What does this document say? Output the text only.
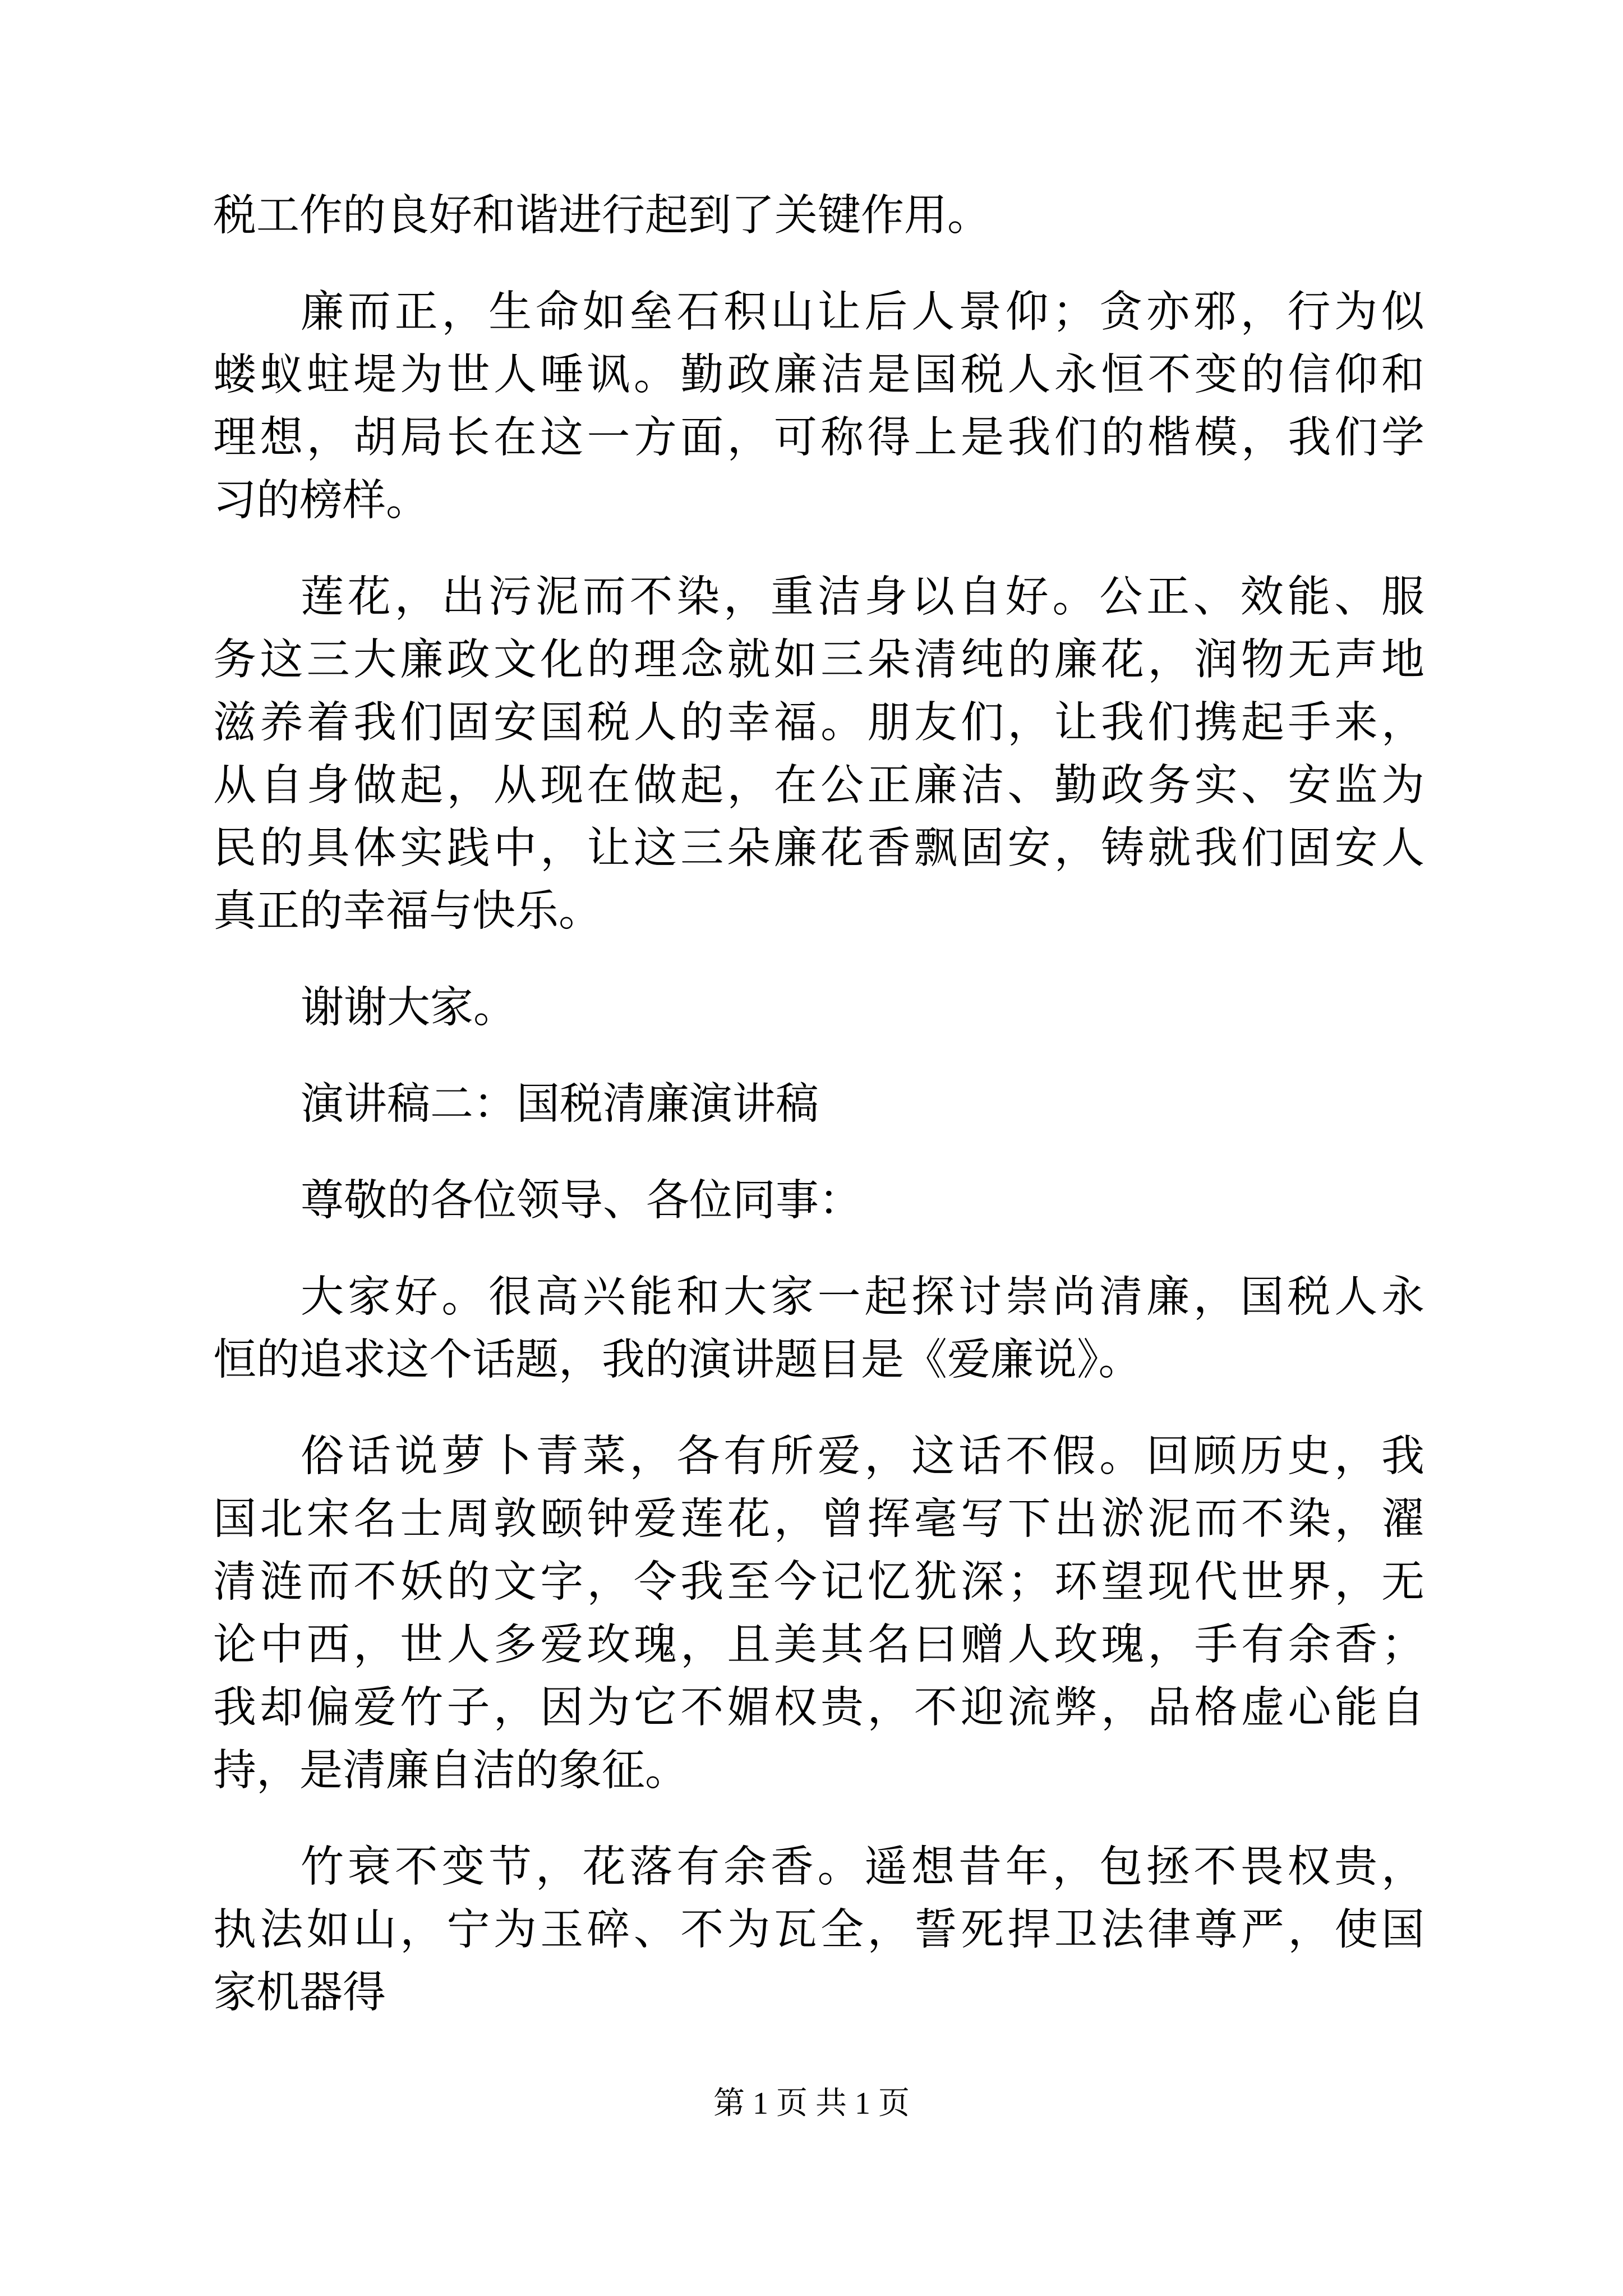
税工作的良好和谐进行起到了关键作用。
廉而正，生命如垒石积山让后人景仰；贪亦邪，行为似
蝼蚁蛀堤为世人唾讽。勤政廉洁是国税人永恒不变的信仰和
理想，胡局长在这一方面，可称得上是我们的楷模，我们学
习的榜样。
莲花，出污泥而不染，重洁身以自好。公正、效能、服
务这三大廉政文化的理念就如三朵清纯的廉花，润物无声地
滋养着我们固安国税人的幸福。朋友们，让我们携起手来，
从自身做起，从现在做起，在公正廉洁、勤政务实、安监为
民的具体实践中，让这三朵廉花香飘固安，铸就我们固安人
真正的幸福与快乐。
谢谢大家。
演讲稿二：国税清廉演讲稿
尊敬的各位领导、各位同事：
大家好。很高兴能和大家一起探讨崇尚清廉，国税人永
恒的追求这个话题，我的演讲题目是《爱廉说》。
俗话说萝卜青菜，各有所爱，这话不假。回顾历史，我
国北宋名士周敦颐钟爱莲花，曾挥毫写下出淤泥而不染，濯
清涟而不妖的文字，令我至今记忆犹深；环望现代世界，无
论中西，世人多爱玫瑰，且美其名曰赠人玫瑰，手有余香；
我却偏爱竹子，因为它不媚权贵，不迎流弊，品格虚心能自
持，是清廉自洁的象征。
竹衰不变节，花落有余香。遥想昔年，包拯不畏权贵，
执法如山，宁为玉碎、不为瓦全，誓死捍卫法律尊严，使国
家机器得
第 1 页 共 1 页
